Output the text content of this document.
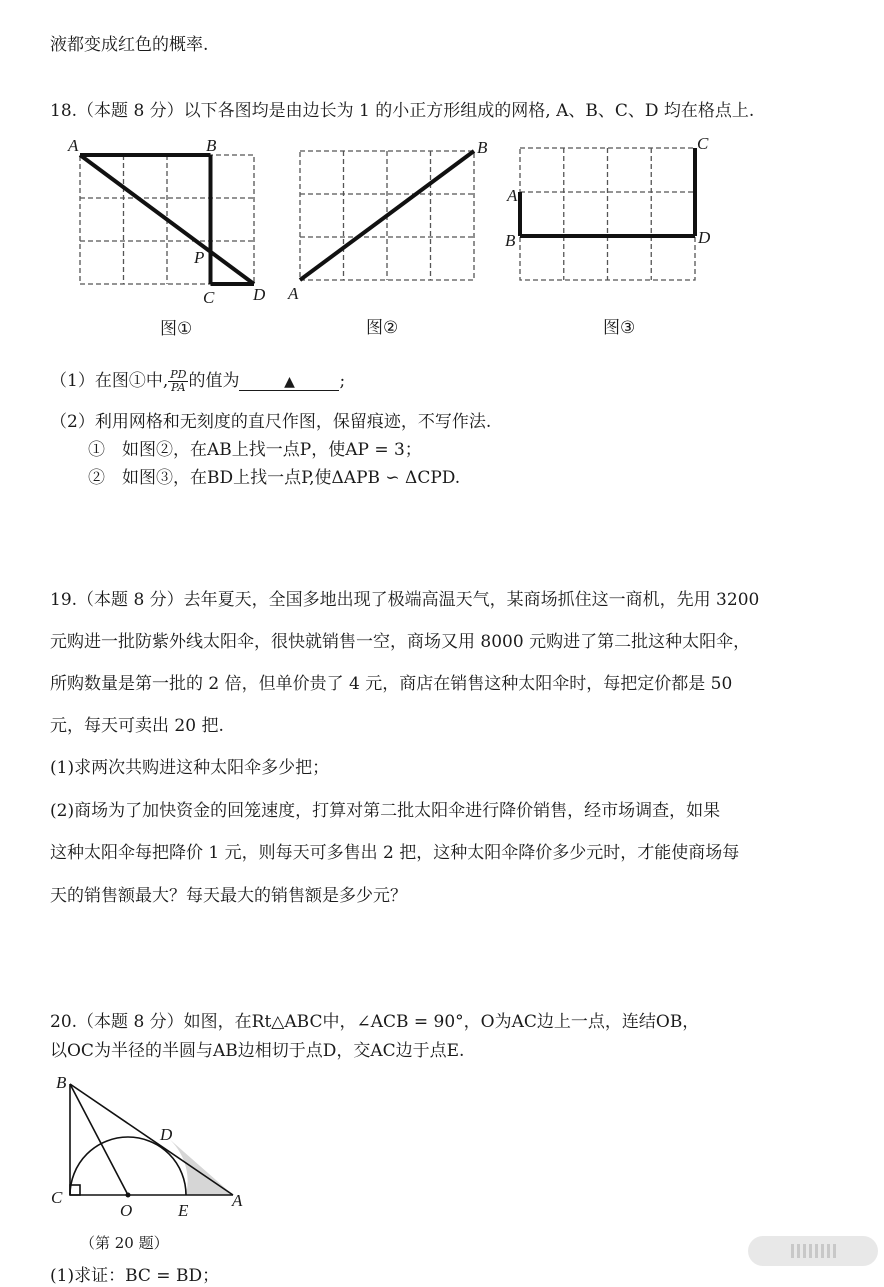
液都变成红色的概率.
18.（本题 8 分）以下各图均是由边长为 1 的小正方形组成的网格, A、B、C、D 均在格点上.
A	B
P
C D
图①
A
B
图②
C
A
B	D
图③
（1）在图①中, $\frac{PD}{PA}$ 的值为	▲	;
（2）利用网格和无刻度的直尺作图，保留痕迹，不写作法.
①　如图②，在AB上找一点P，使AP = 3；
②　如图③，在BD上找一点P,使ΔAPB ∽ ΔCPD.
19.（本题 8 分）去年夏天，全国多地出现了极端高温天气，某商场抓住这一商机，先用 3200
元购进一批防紫外线太阳伞，很快就销售一空，商场又用 8000 元购进了第二批这种太阳伞，
所购数量是第一批的 2 倍，但单价贵了 4 元，商店在销售这种太阳伞时，每把定价都是 50
元，每天可卖出 20 把.
(1)求两次共购进这种太阳伞多少把；
(2)商场为了加快资金的回笼速度，打算对第二批太阳伞进行降价销售，经市场调查，如果
这种太阳伞每把降价 1 元，则每天可多售出 2 把，这种太阳伞降价多少元时，才能使商场每
天的销售额最大？每天最大的销售额是多少元？
20.（本题 8 分）如图，在Rt△ABC中，∠ACB = 90°，O为AC边上一点，连结OB，
以OC为半径的半圆与AB边相切于点D，交AC边于点E.
B
D
C
O	E
A
（第 20 题）
(1)求证：BC = BD；
